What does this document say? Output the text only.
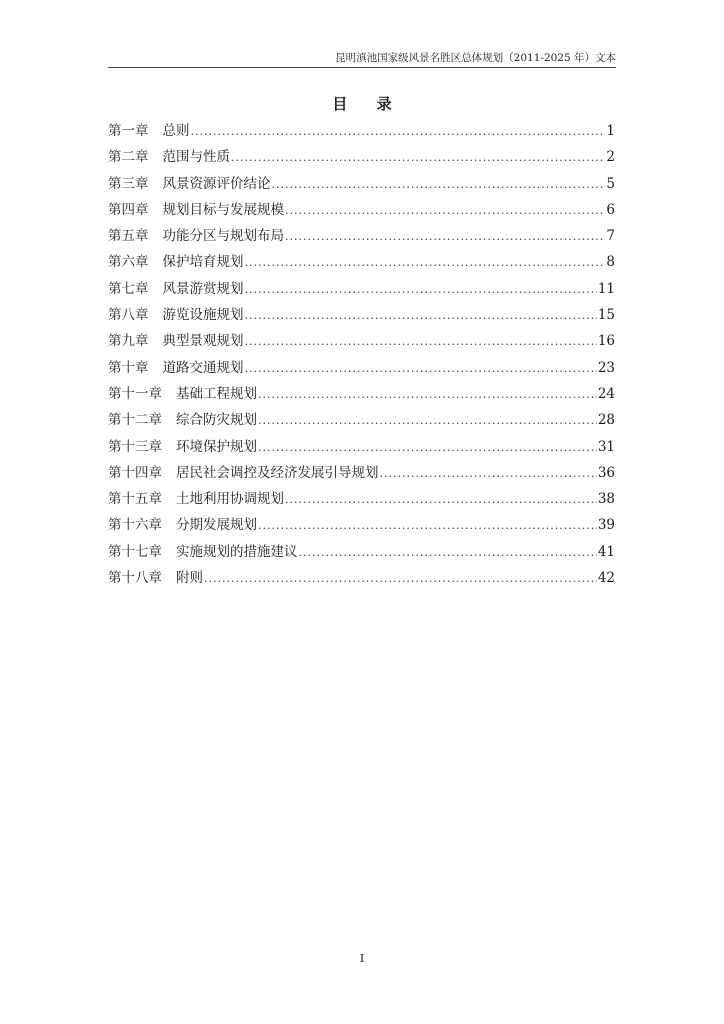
昆明滇池国家级风景名胜区总体规划（2011-2025 年）文本
目 录
第一章 总则 .....	1
第二章 范围与性质 .....	2
第三章 风景资源评价结论 .....	5
第四章 规划目标与发展规模 .....	6
第五章 功能分区与规划布局 .....	7
第六章 保护培育规划 .....	8
第七章 风景游赏规划 .....	11
第八章 游览设施规划 .....	15
第九章 典型景观规划 .....	16
第十章 道路交通规划 .....	23
第十一章 基础工程规划 .....	24
第十二章 综合防灾规划 .....	28
第十三章 环境保护规划 .....	31
第十四章 居民社会调控及经济发展引导规划 .....	36
第十五章 土地利用协调规划 .....	38
第十六章 分期发展规划 .....	39
第十七章 实施规划的措施建议 .....	41
第十八章 附则 .....	42
I
